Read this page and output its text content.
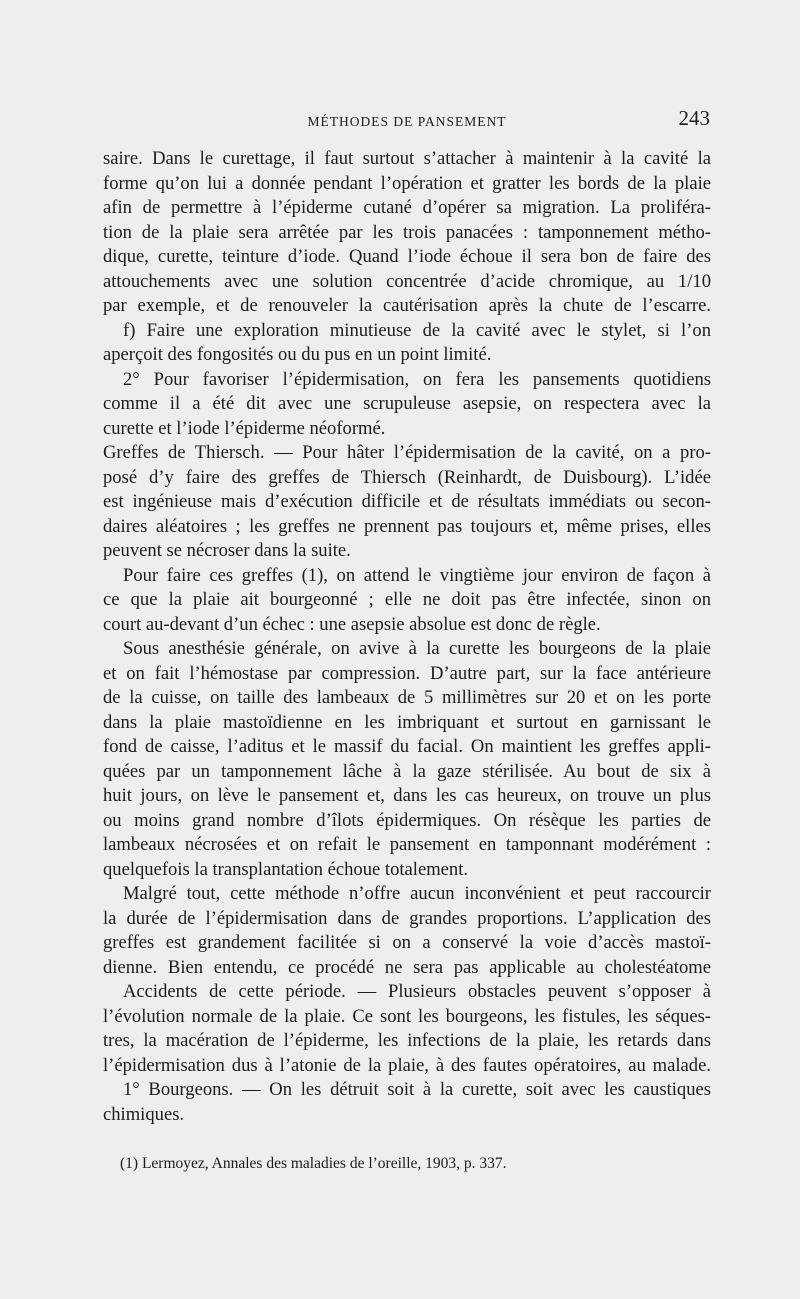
MÉTHODES DE PANSEMENT	243
saire. Dans le curettage, il faut surtout s’attacher à maintenir à la cavité la
forme qu’on lui a donnée pendant l’opération et gratter les bords de la plaie
afin de permettre à l’épiderme cutané d’opérer sa migration. La proliféra-
tion de la plaie sera arrêtée par les trois panacées : tamponnement métho-
dique, curette, teinture d’iode. Quand l’iode échoue il sera bon de faire des
attouchements avec une solution concentrée d’acide chromique, au 1/10
par exemple, et de renouveler la cautérisation après la chute de l’escarre.
f) Faire une exploration minutieuse de la cavité avec le stylet, si l’on
aperçoit des fongosités ou du pus en un point limité.
2° Pour favoriser l’épidermisation, on fera les pansements quotidiens
comme il a été dit avec une scrupuleuse asepsie, on respectera avec la
curette et l’iode l’épiderme néoformé.
Greffes de Thiersch. — Pour hâter l’épidermisation de la cavité, on a pro-
posé d’y faire des greffes de Thiersch (Reinhardt, de Duisbourg). L’idée
est ingénieuse mais d’exécution difficile et de résultats immédiats ou secon-
daires aléatoires ; les greffes ne prennent pas toujours et, même prises, elles
peuvent se nécroser dans la suite.
Pour faire ces greffes (1), on attend le vingtième jour environ de façon à
ce que la plaie ait bourgeonné ; elle ne doit pas être infectée, sinon on
court au-devant d’un échec : une asepsie absolue est donc de règle.
Sous anesthésie générale, on avive à la curette les bourgeons de la plaie
et on fait l’hémostase par compression. D’autre part, sur la face antérieure
de la cuisse, on taille des lambeaux de 5 millimètres sur 20 et on les porte
dans la plaie mastoïdienne en les imbriquant et surtout en garnissant le
fond de caisse, l’aditus et le massif du facial. On maintient les greffes appli-
quées par un tamponnement lâche à la gaze stérilisée. Au bout de six à
huit jours, on lève le pansement et, dans les cas heureux, on trouve un plus
ou moins grand nombre d’îlots épidermiques. On résèque les parties de
lambeaux nécrosées et on refait le pansement en tamponnant modérément :
quelquefois la transplantation échoue totalement.
Malgré tout, cette méthode n’offre aucun inconvénient et peut raccourcir
la durée de l’épidermisation dans de grandes proportions. L’application des
greffes est grandement facilitée si on a conservé la voie d’accès mastoï-
dienne. Bien entendu, ce procédé ne sera pas applicable au cholestéatome
Accidents de cette période. — Plusieurs obstacles peuvent s’opposer à
l’évolution normale de la plaie. Ce sont les bourgeons, les fistules, les séques-
tres, la macération de l’épiderme, les infections de la plaie, les retards dans
l’épidermisation dus à l’atonie de la plaie, à des fautes opératoires, au malade.
1° Bourgeons. — On les détruit soit à la curette, soit avec les caustiques
chimiques.
(1) Lermoyez, Annales des maladies de l’oreille, 1903, p. 337.
